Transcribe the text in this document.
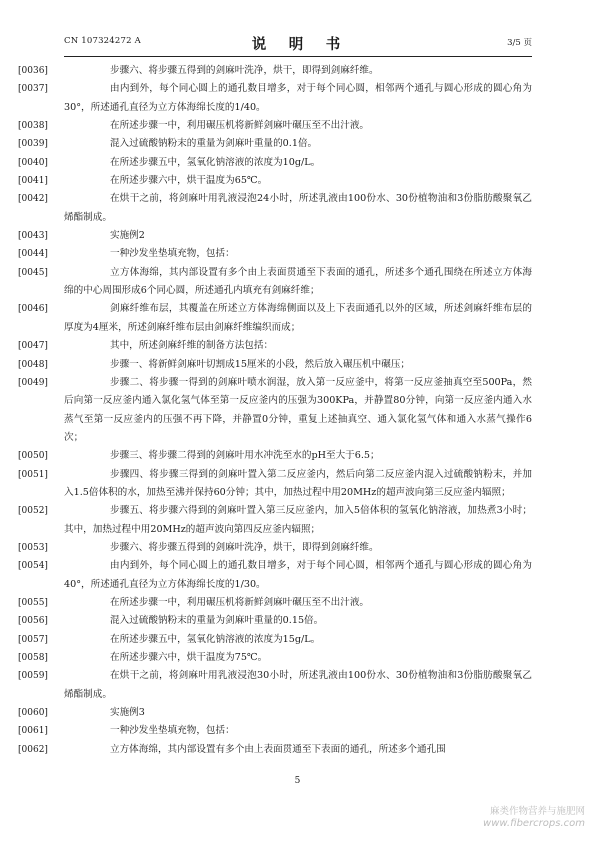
CN 107324272 A	说　明　书	3/5 页
[0036]	步骤六、将步骤五得到的剑麻叶洗净，烘干，即得到剑麻纤维。
[0037]	由内到外，每个同心圆上的通孔数目增多，对于每个同心圆，相邻两个通孔与圆心形成的圆心角为30°，所述通孔直径为立方体海绵长度的1/40。
[0038]	在所述步骤一中，利用碾压机将新鲜剑麻叶碾压至不出汁液。
[0039]	混入过硫酸钠粉末的重量为剑麻叶重量的0.1倍。
[0040]	在所述步骤五中，氢氧化钠溶液的浓度为10g/L。
[0041]	在所述步骤六中，烘干温度为65℃。
[0042]	在烘干之前，将剑麻叶用乳液浸泡24小时，所述乳液由100份水、30份植物油和3份脂肪酸聚氧乙烯酯制成。
[0043]	实施例2
[0044]	一种沙发坐垫填充物，包括：
[0045]	立方体海绵，其内部设置有多个由上表面贯通至下表面的通孔，所述多个通孔围绕在所述立方体海绵的中心周围形成6个同心圆，所述通孔内填充有剑麻纤维；
[0046]	剑麻纤维布层，其覆盖在所述立方体海绵侧面以及上下表面通孔以外的区域，所述剑麻纤维布层的厚度为4厘米，所述剑麻纤维布层由剑麻纤维编织而成；
[0047]	其中，所述剑麻纤维的制备方法包括：
[0048]	步骤一、将新鲜剑麻叶切割成15厘米的小段，然后放入碾压机中碾压；
[0049]	步骤二、将步骤一得到的剑麻叶喷水润湿，放入第一反应釜中，将第一反应釜抽真空至500Pa，然后向第一反应釜内通入氯化氢气体至第一反应釜内的压强为300KPa，并静置80分钟，向第一反应釜内通入水蒸气至第一反应釜内的压强不再下降，并静置0分钟，重复上述抽真空、通入氯化氢气体和通入水蒸气操作6次；
[0050]	步骤三、将步骤二得到的剑麻叶用水冲洗至水的pH至大于6.5；
[0051]	步骤四、将步骤三得到的剑麻叶置入第二反应釜内，然后向第二反应釜内混入过硫酸钠粉末，并加入1.5倍体积的水，加热至沸并保持60分钟；其中，加热过程中用20MHz的超声波向第三反应釜内辐照；
[0052]	步骤五、将步骤六得到的剑麻叶置入第三反应釜内，加入5倍体积的氢氧化钠溶液，加热煮3小时；其中，加热过程中用20MHz的超声波向第四反应釜内辐照；
[0053]	步骤六、将步骤五得到的剑麻叶洗净，烘干，即得到剑麻纤维。
[0054]	由内到外，每个同心圆上的通孔数目增多，对于每个同心圆，相邻两个通孔与圆心形成的圆心角为40°，所述通孔直径为立方体海绵长度的1/30。
[0055]	在所述步骤一中，利用碾压机将新鲜剑麻叶碾压至不出汁液。
[0056]	混入过硫酸钠粉末的重量为剑麻叶重量的0.15倍。
[0057]	在所述步骤五中，氢氧化钠溶液的浓度为15g/L。
[0058]	在所述步骤六中，烘干温度为75℃。
[0059]	在烘干之前，将剑麻叶用乳液浸泡30小时，所述乳液由100份水、30份植物油和3份脂肪酸聚氧乙烯酯制成。
[0060]	实施例3
[0061]	一种沙发坐垫填充物，包括：
[0062]	立方体海绵，其内部设置有多个由上表面贯通至下表面的通孔，所述多个通孔围
5
麻类作物营养与施肥网
www.fibercrops.com
